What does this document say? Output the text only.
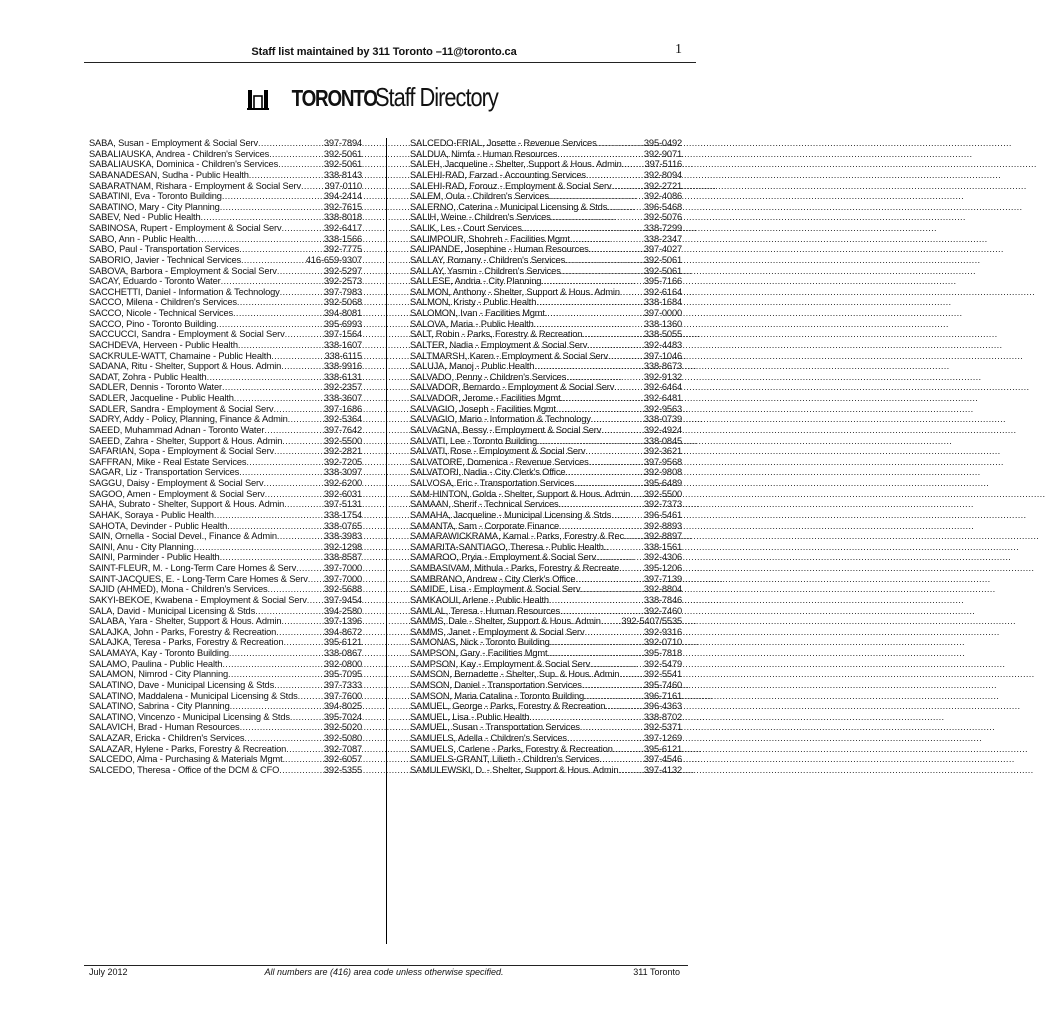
Staff list maintained by 311 Toronto –11@toronto.ca	1
TORONTO
Staff Directory
SABA, Susan - Employment & Social Serv .....	397-7894
SABALIAUSKA, Andrea - Children's Services .....	392-5061
SABALIAUSKA, Dominica - Children's Services .....	392-5061
SABANADESAN, Sudha - Public Health .....	338-8143
SABARATNAM, Rishara - Employment & Social Serv .....	397-0110
SABATINI, Eva - Toronto Building .....	394-2414
SABATINO, Mary - City Planning .....	392-7615
SABEV, Ned - Public Health .....	338-8018
SABINOSA, Rupert - Employment & Social Serv .....	392-6417
SABO, Ann - Public Health .....	338-1566
SABO, Paul - Transportation Services .....	392-7775
SABORIO, Javier - Technical Services .....	416-659-9307
SABOVA, Barbora - Employment & Social Serv .....	392-5297
SACAY, Eduardo - Toronto Water .....	392-2573
SACCHETTI, Daniel - Information & Technology .....	397-7983
SACCO, Milena - Children's Services .....	392-5068
SACCO, Nicole - Technical Services .....	394-8081
SACCO, Pino - Toronto Building .....	395-6993
SACCUCCI, Sandra - Employment & Social Serv .....	397-1564
SACHDEVA, Herveen - Public Health .....	338-1607
SACKRULE-WATT, Chamaine - Public Health .....	338-6115
SADANA, Ritu - Shelter, Support & Hous. Admin .....	338-9916
SADAT, Zohra - Public Health .....	338-6131
SADLER, Dennis - Toronto Water .....	392-2357
SADLER, Jacqueline - Public Health .....	338-3607
SADLER, Sandra - Employment & Social Serv .....	397-1686
SADRY, Addy - Policy, Planning, Finance & Admin .....	392-5364
SAEED, Muhammad Adnan - Toronto Water .....	397-7642
SAEED, Zahra - Shelter, Support & Hous. Admin .....	392-5500
SAFARIAN, Sopa - Employment & Social Serv .....	392-2821
SAFFRAN, Mike - Real Estate Services .....	392-7205
SAGAR, Liz - Transportation Services .....	338-3097
SAGGU, Daisy - Employment & Social Serv .....	392-6200
SAGOO, Amen - Employment & Social Serv .....	392-6031
SAHA, Subrato - Shelter, Support & Hous. Admin .....	397-5131
SAHAK, Soraya - Public Health .....	338-1754
SAHOTA, Devinder - Public Health .....	338-0765
SAIN, Ornella - Social Devel., Finance & Admin .....	338-3983
SAINI, Anu - City Planning .....	392-1298
SAINI, Parminder - Public Health .....	338-8587
SAINT-FLEUR, M. - Long-Term Care Homes & Serv .....	397-7000
SAINT-JACQUES, E. - Long-Term Care Homes & Serv ..... 397-7000
SAJID (AHMED), Mona - Children's Services .....	392-5688
SAKYI-BEKOE, Kwabena - Employment & Social Serv ..... 397-9454
SALA, David - Municipal Licensing & Stds .....	394-2580
SALABA, Yara - Shelter, Support & Hous. Admin .....	397-1396
SALAJKA, John - Parks, Forestry & Recreation .....	394-8672
SALAJKA, Teresa - Parks, Forestry & Recreation .....	395-6121
SALAMAYA, Kay - Toronto Building .....	338-0867
SALAMO, Paulina - Public Health .....	392-0800
SALAMON, Nimrod - City Planning .....	395-7095
SALATINO, Dave - Municipal Licensing & Stds .....	397-7333
SALATINO, Maddalena - Municipal Licensing & Stds .....	397-7600
SALATINO, Sabrina - City Planning .....	394-8025
SALATINO, Vincenzo - Municipal Licensing & Stds .....	395-7024
SALAVICH, Brad - Human Resources .....	392-5020
SALAZAR, Ericka - Children's Services .....	392-5080
SALAZAR, Hylene - Parks, Forestry & Recreation .....	392-7087
SALCEDO, Alma - Purchasing & Materials Mgmt. .....	392-6057
SALCEDO, Theresa - Office of the DCM & CFO .....	392-5355
SALCEDO-FRIAL, Josette - Revenue Services .....	395-0492
SALDUA, Nimfa - Human Resources .....	392-9071
SALEH, Jacqueline - Shelter, Support & Hous. Admin ..... 397-5116
SALEHI-RAD, Farzad - Accounting Services .....	392-8094
SALEHI-RAD, Forouz - Employment & Social Serv .....	392-2721
SALEM, Oula - Children's Services .....	392-4086
SALERNO, Caterina - Municipal Licensing & Stds .....	396-5468
SALIH, Weine - Children's Services .....	392-5076
SALIK, Les - Court Services .....	338-7299
SALIMPOUR, Shohreh - Facilities Mgmt. .....	338-2347
SALIPANDE, Josephine - Human Resources .....	397-4027
SALLAY, Romany - Children's Services .....	392-5061
SALLAY, Yasmin - Children's Services .....	392-5061
SALLESE, Andria - City Planning .....	395-7166
SALMON, Anthony - Shelter, Support & Hous. Admin .....	392-6164
SALMON, Kristy - Public Health .....	338-1684
SALOMON, Ivan - Facilities Mgmt. .....	397-0000
SALOVA, Maria - Public Health .....	338-1360
SALT, Robin - Parks, Forestry & Recreation .....	338-5055
SALTER, Nadia - Employment & Social Serv .....	392-4483
SALTMARSH, Karen - Employment & Social Serv .....	397-1046
SALUJA, Manoj - Public Health .....	338-8673
SALVADO, Penny - Children's Services .....	392-9132
SALVADOR, Bernardo - Employment & Social Serv .....	392-6464
SALVADOR, Jerome - Facilities Mgmt. .....	392-6481
SALVAGIO, Joseph - Facilities Mgmt. .....	392-9563
SALVAGIO, Mario - Information & Technology .....	338-0739
SALVAGNA, Bessy - Employment & Social Serv .....	392-4924
SALVATI, Lee - Toronto Building .....	338-0845
SALVATI, Rose - Employment & Social Serv .....	392-3621
SALVATORE, Domenica - Revenue Services .....	397-9568
SALVATORI, Nadia - City Clerk's Office .....	392-9808
SALVOSA, Eric - Transportation Services .....	395-6489
SAM-HINTON, Golda - Shelter, Support & Hous. Admin ..... 392-5500
SAMAAN, Sherif - Technical Services .....	392-7373
SAMAHA, Jacqueline - Municipal Licensing & Stds .....	396-5461
SAMANTA, Sam - Corporate Finance .....	392-8893
SAMARAWICKRAMA, Kamal - Parks, Forestry & Rec ..... 392-8897
SAMARITA-SANTIAGO, Theresa - Public Health .....	338-1561
SAMAROO, Pryia - Employment & Social Serv .....	392-4306
SAMBASIVAM, Mithula - Parks, Forestry & Recreate .....	395-1206
SAMBRANO, Andrew - City Clerk's Office .....	397-7139
SAMIDE, Lisa - Employment & Social Serv .....	392-8804
SAMKAOUI, Arlene - Public Health .....	338-7846
SAMLAL, Teresa - Human Resources .....	392-7460
SAMMS, Dale - Shelter, Support & Hous. Admin ..... 392-5407/5535
SAMMS, Janet - Employment & Social Serv .....	392-9316
SAMONAS, Nick - Toronto Building .....	392-0710
SAMPSON, Gary - Facilities Mgmt. .....	395-7818
SAMPSON, Kay - Employment & Social Serv .....	392-5479
SAMSON, Bernadette - Shelter, Sup. & Hous. Admin .....	392-5541
SAMSON, Daniel - Transportation Services .....	395-7460
SAMSON, Maria Catalina - Toronto Building .....	396-7161
SAMUEL, George - Parks, Forestry & Recreation .....	396-4363
SAMUEL, Lisa - Public Health .....	338-8702
SAMUEL, Susan - Transportation Services .....	392-5371
SAMUELS, Adella - Children's Services .....	397-1269
SAMUELS, Carlene - Parks, Forestry & Recreation .....	395-6121
SAMUELS-GRANT, Lilieth - Children's Services .....	397-4546
SAMULEWSKI, D. - Shelter, Support & Hous. Admin .....	397-4132
July 2012	All numbers are (416) area code unless otherwise specified.	311 Toronto
